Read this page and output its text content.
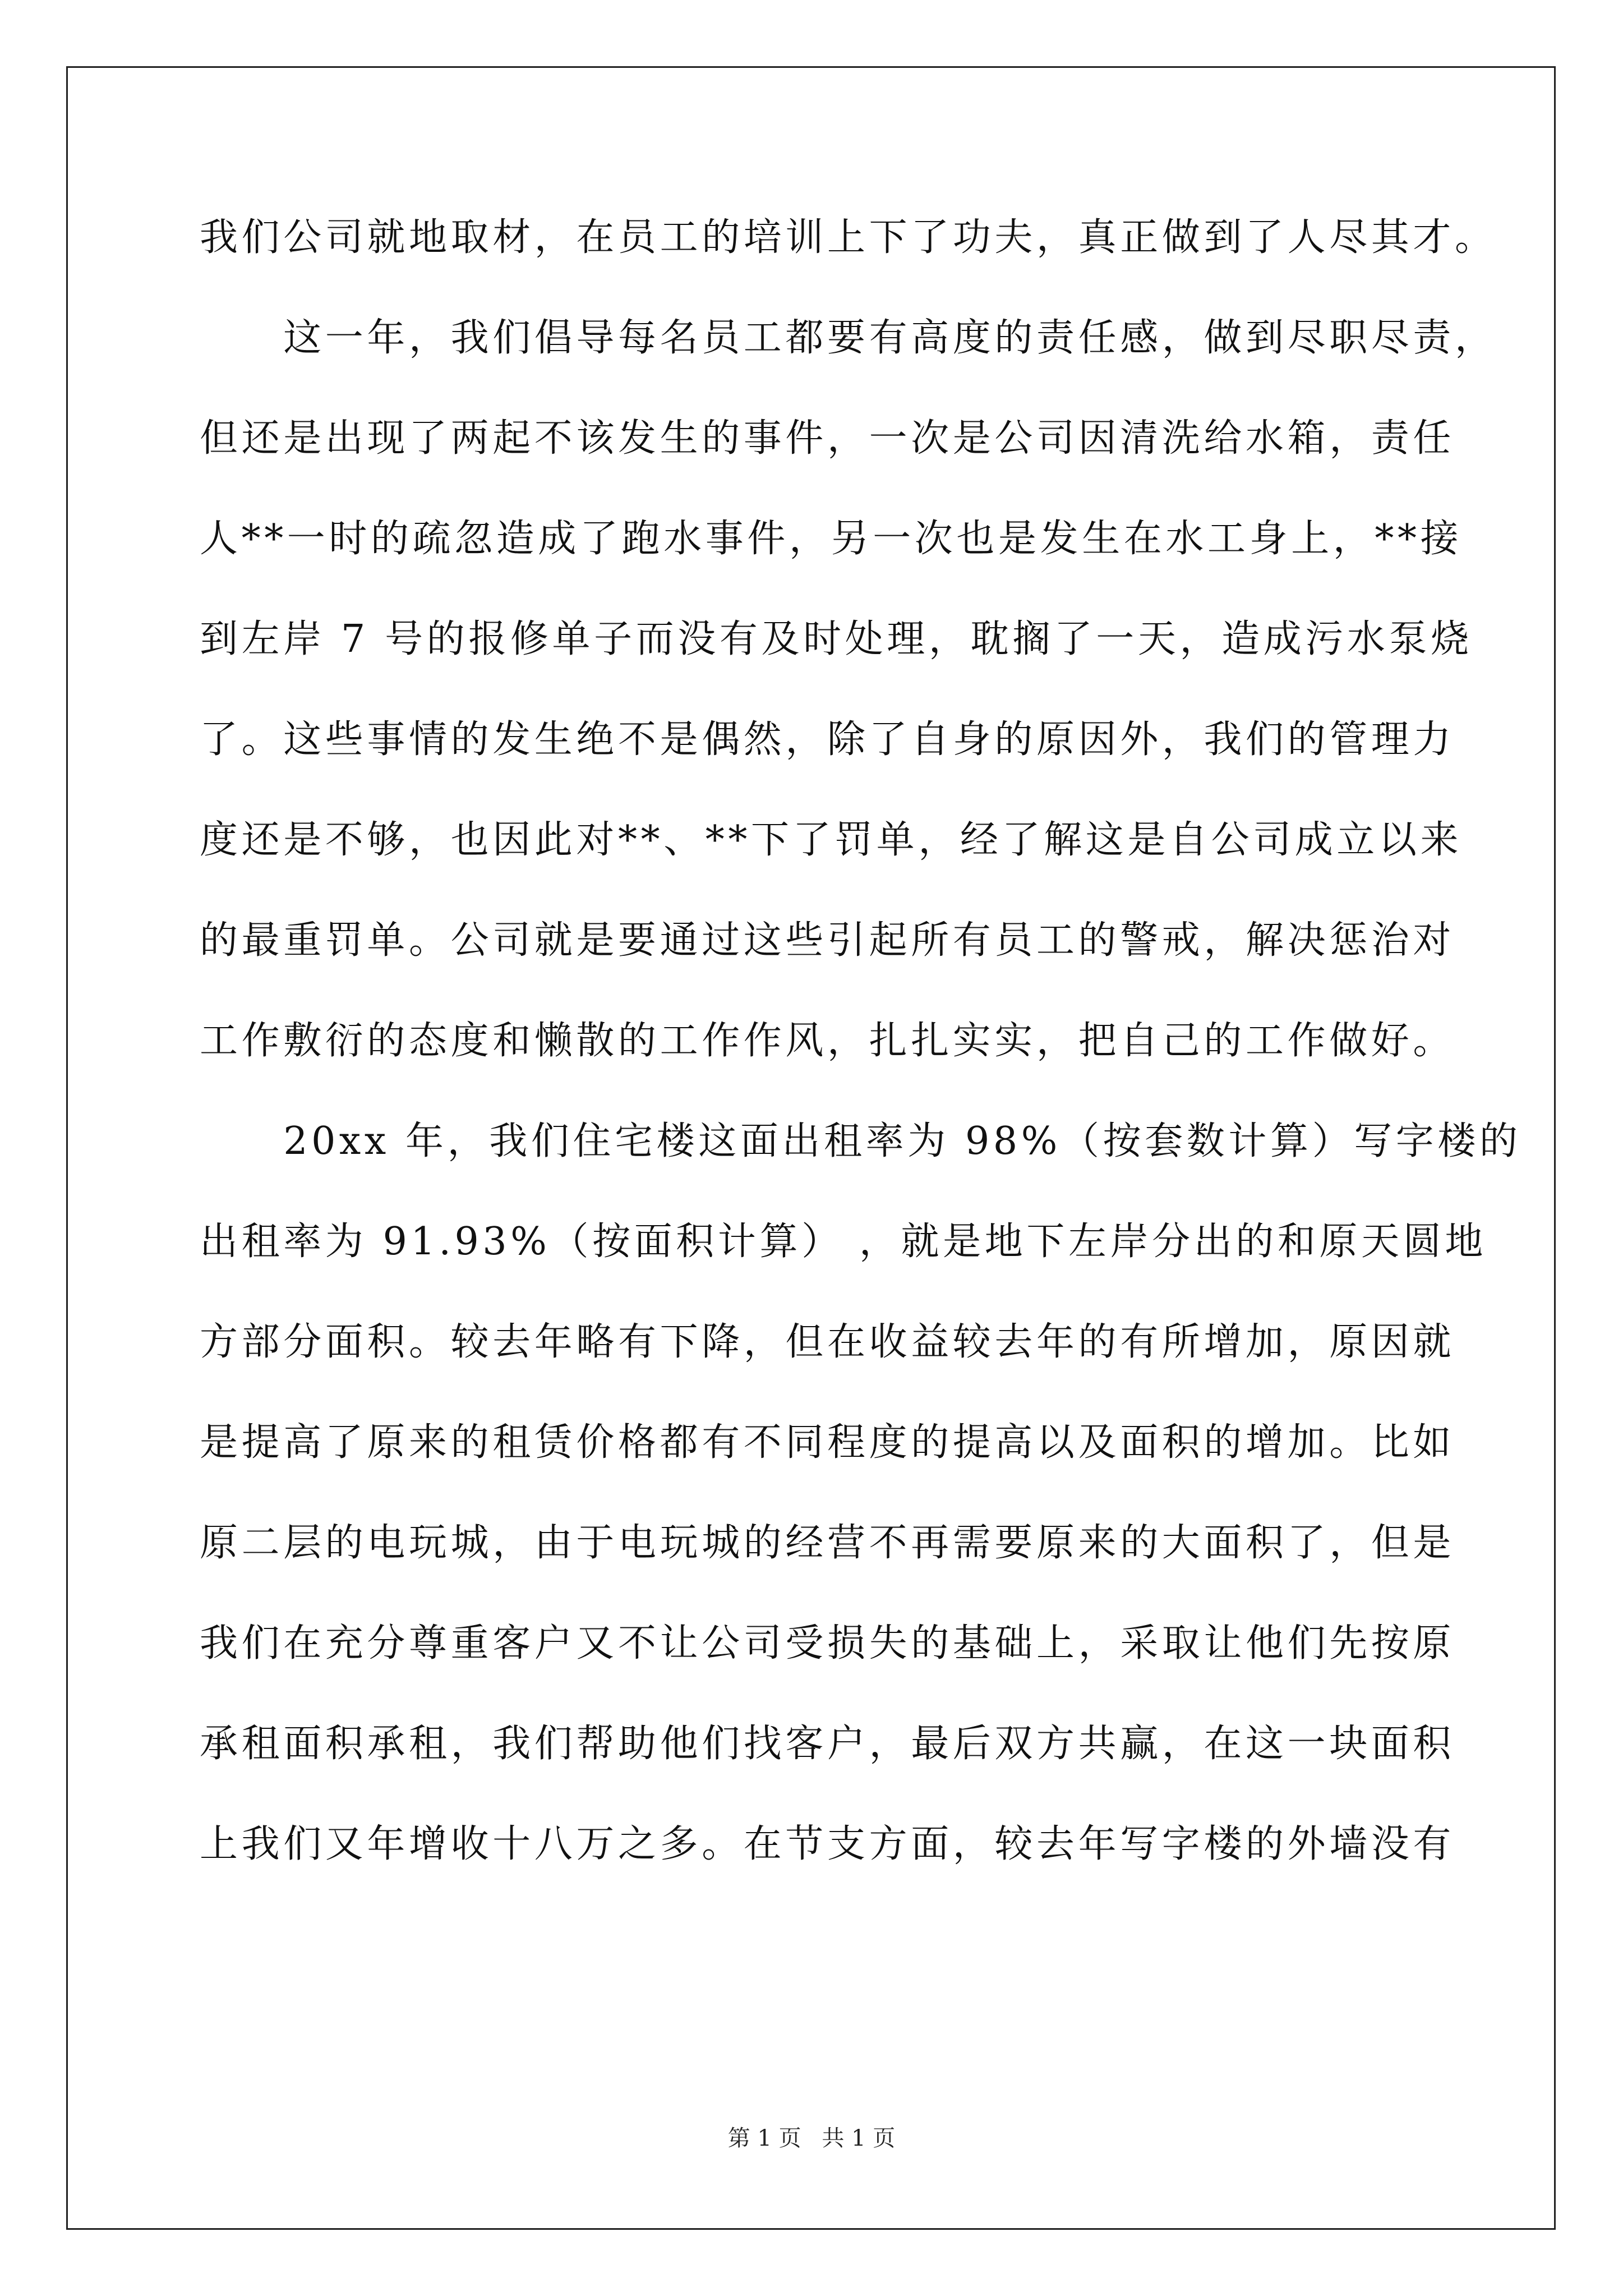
我们公司就地取材，在员工的培训上下了功夫，真正做到了人尽其才。
　　这一年，我们倡导每名员工都要有高度的责任感，做到尽职尽责，
但还是出现了两起不该发生的事件，一次是公司因清洗给水箱，责任
人**一时的疏忽造成了跑水事件，另一次也是发生在水工身上，**接
到左岸 7 号的报修单子而没有及时处理，耽搁了一天，造成污水泵烧
了。这些事情的发生绝不是偶然，除了自身的原因外，我们的管理力
度还是不够，也因此对**、**下了罚单，经了解这是自公司成立以来
的最重罚单。公司就是要通过这些引起所有员工的警戒，解决惩治对
工作敷衍的态度和懒散的工作作风，扎扎实实，把自己的工作做好。
　　20xx 年，我们住宅楼这面出租率为 98%（按套数计算）写字楼的
出租率为 91.93%（按面积计算） ，就是地下左岸分出的和原天圆地
方部分面积。较去年略有下降，但在收益较去年的有所增加，原因就
是提高了原来的租赁价格都有不同程度的提高以及面积的增加。比如
原二层的电玩城，由于电玩城的经营不再需要原来的大面积了，但是
我们在充分尊重客户又不让公司受损失的基础上，采取让他们先按原
承租面积承租，我们帮助他们找客户，最后双方共赢，在这一块面积
上我们又年增收十八万之多。在节支方面，较去年写字楼的外墙没有
第 1 页 共 1 页
